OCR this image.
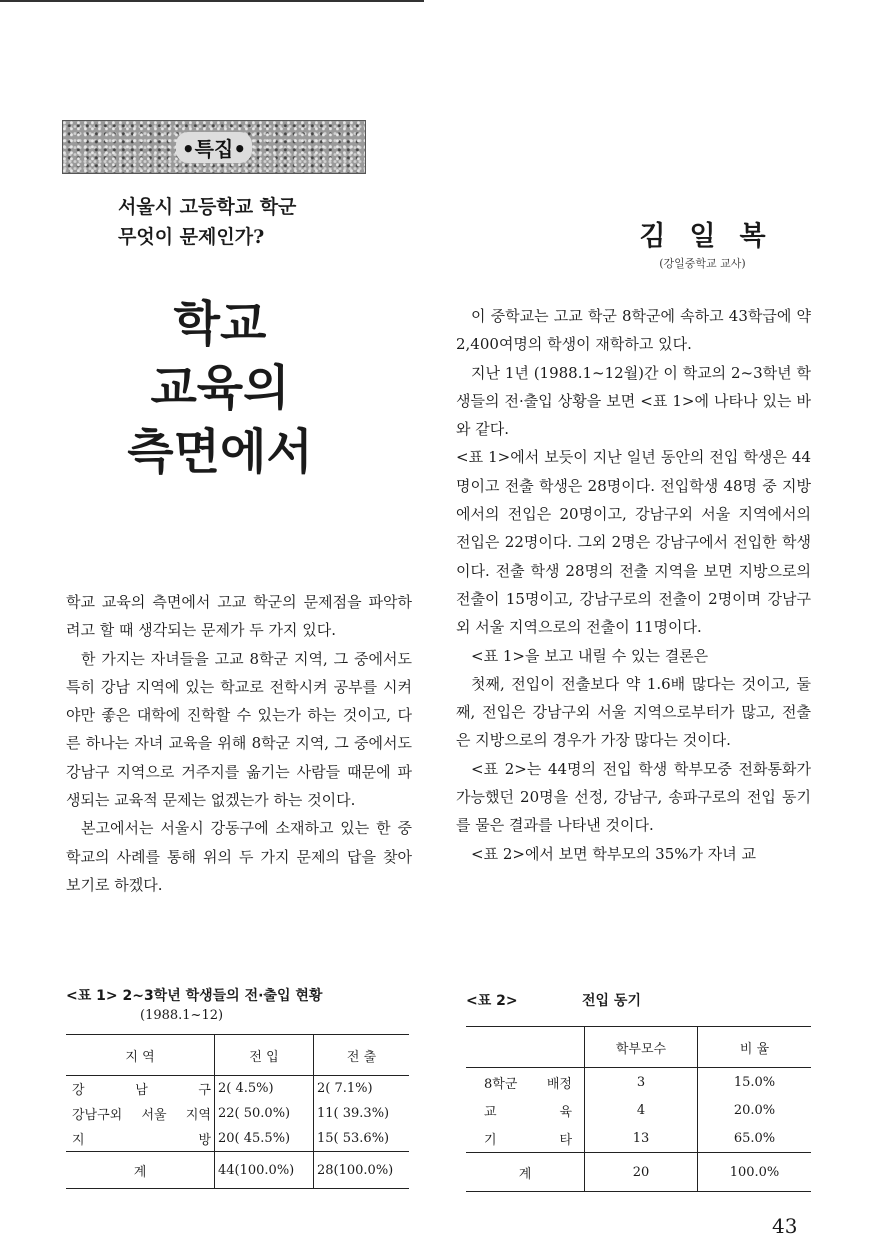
•특집•
서울시 고등학교 학군
무엇이 문제인가?
학교
교육의
측면에서
김일복
(강일중학교 교사)

학교 교육의 측면에서 고교 학군의 문제점을 파악하려고 할 때 생각되는 문제가 두 가지 있다.

한 가지는 자녀들을 고교 8학군 지역, 그 중에서도 특히 강남 지역에 있는 학교로 전학시켜 공부를 시켜야만 좋은 대학에 진학할 수 있는가 하는 것이고, 다른 하나는 자녀 교육을 위해 8학군 지역, 그 중에서도 강남구 지역으로 거주지를 옮기는 사람들 때문에 파생되는 교육적 문제는 없겠는가 하는 것이다.

본고에서는 서울시 강동구에 소재하고 있는 한 중학교의 사례를 통해 위의 두 가지 문제의 답을 찾아 보기로 하겠다.

이 중학교는 고교 학군 8학군에 속하고 43학급에 약 2,400여명의 학생이 재학하고 있다.

지난 1년 (1988.1~12월)간 이 학교의 2~3학년 학생들의 전·출입 상황을 보면 <표 1>에 나타나 있는 바와 같다.

<표 1>에서 보듯이 지난 일년 동안의 전입 학생은 44명이고 전출 학생은 28명이다. 전입학생 48명 중 지방에서의 전입은 20명이고, 강남구외 서울 지역에서의 전입은 22명이다. 그외 2명은 강남구에서 전입한 학생이다. 전출 학생 28명의 전출 지역을 보면 지방으로의 전출이 15명이고, 강남구로의 전출이 2명이며 강남구외 서울 지역으로의 전출이 11명이다.

<표 1>을 보고 내릴 수 있는 결론은

첫째, 전입이 전출보다 약 1.6배 많다는 것이고, 둘째, 전입은 강남구외 서울 지역으로부터가 많고, 전출은 지방으로의 경우가 가장 많다는 것이다.

<표 2>는 44명의 전입 학생 학부모중 전화통화가 가능했던 20명을 선정, 강남구, 송파구로의 전입 동기를 물은 결과를 나타낸 것이다.

<표 2>에서 보면 학부모의 35%가 자녀 교

<표 1> 2~3학년 학생들의 전·출입 현황
(1988.1~12)
지 역	전 입	전 출
강 남 구	2( 4.5%)	2( 7.1%)
강남구외 서울 지역	22( 50.0%)	11( 39.3%)
지 방	20( 45.5%)	15( 53.6%)
계	44(100.0%)	28(100.0%)
<표 2>	전입 동기
	학부모수	비 율
8학군 배정	3	15.0%
교 육	4	20.0%
기 타	13	65.0%
계	20	100.0%
43
